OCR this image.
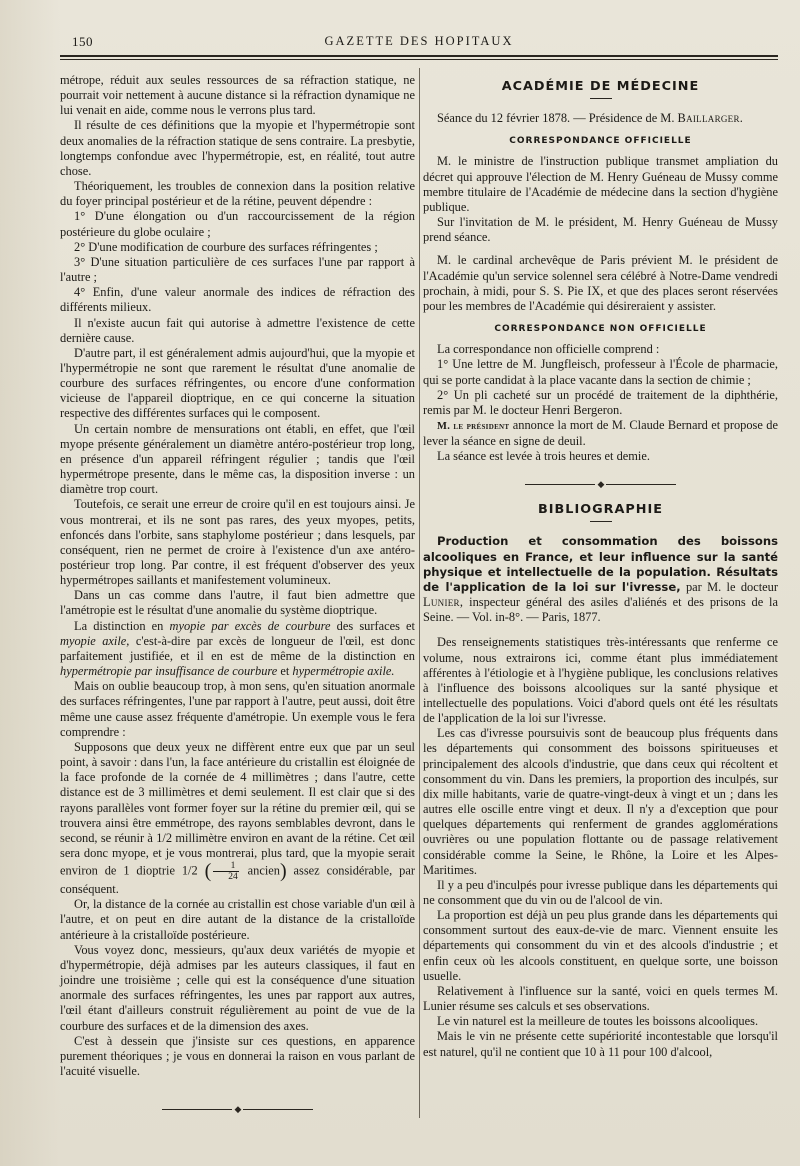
150	GAZETTE DES HOPITAUX

métrope, réduit aux seules ressources de sa réfraction statique, ne pourrait voir nettement à aucune distance si la réfraction dynamique ne lui venait en aide, comme nous le verrons plus tard.

Il résulte de ces définitions que la myopie et l'hypermétropie sont deux anomalies de la réfraction statique de sens contraire. La presbytie, longtemps confondue avec l'hypermétropie, est, en réalité, tout autre chose.

Théoriquement, les troubles de connexion dans la position relative du foyer principal postérieur et de la rétine, peuvent dépendre :

1° D'une élongation ou d'un raccourcissement de la région postérieure du globe oculaire ;

2° D'une modification de courbure des surfaces réfringentes ;

3° D'une situation particulière de ces surfaces l'une par rapport à l'autre ;

4° Enfin, d'une valeur anormale des indices de réfraction des différents milieux.

Il n'existe aucun fait qui autorise à admettre l'existence de cette dernière cause.

D'autre part, il est généralement admis aujourd'hui, que la myopie et l'hypermétropie ne sont que rarement le résultat d'une anomalie de courbure des surfaces réfringentes, ou encore d'une conformation vicieuse de l'appareil dioptrique, en ce qui concerne la situation respective des différentes surfaces qui le composent.

Un certain nombre de mensurations ont établi, en effet, que l'œil myope présente généralement un diamètre antéro-postérieur trop long, en présence d'un appareil réfringent régulier ; tandis que l'œil hypermétrope presente, dans le même cas, la disposition inverse : un diamètre trop court.

Toutefois, ce serait une erreur de croire qu'il en est toujours ainsi. Je vous montrerai, et ils ne sont pas rares, des yeux myopes, petits, enfoncés dans l'orbite, sans staphylome postérieur ; dans lesquels, par conséquent, rien ne permet de croire à l'existence d'un axe antéro-postérieur trop long. Par contre, il est fréquent d'observer des yeux hypermétropes saillants et manifestement volumineux.

Dans un cas comme dans l'autre, il faut bien admettre que l'amétropie est le résultat d'une anomalie du système dioptrique.

La distinction en myopie par excès de courbure des surfaces et myopie axile, c'est-à-dire par excès de longueur de l'œil, est donc parfaitement justifiée, et il en est de même de la distinction en hypermétropie par insuffisance de courbure et hypermétropie axile.

Mais on oublie beaucoup trop, à mon sens, qu'en situation anormale des surfaces réfringentes, l'une par rapport à l'autre, peut aussi, doit être même une cause assez fréquente d'amétropie. Un exemple vous le fera comprendre :

Supposons que deux yeux ne diffèrent entre eux que par un seul point, à savoir : dans l'un, la face antérieure du cristallin est éloignée de la face profonde de la cornée de 4 millimètres ; dans l'autre, cette distance est de 3 millimètres et demi seulement. Il est clair que si des rayons parallèles vont former foyer sur la rétine du premier œil, qui se trouvera ainsi être emmétrope, des rayons semblables devront, dans le second, se réunir à 1/2 millimètre environ en avant de la rétine. Cet œil sera donc myope, et je vous montrerai, plus tard, que la myopie serait environ de 1 dioptrie 1/2 ( $\frac{1}{24}$ ancien) assez considérable, par conséquent.

Or, la distance de la cornée au cristallin est chose variable d'un œil à l'autre, et on peut en dire autant de la distance de la cristalloïde antérieure à la cristalloïde postérieure.

Vous voyez donc, messieurs, qu'aux deux variétés de myopie et d'hypermétropie, déjà admises par les auteurs classiques, il faut en joindre une troisième ; celle qui est la conséquence d'une situation anormale des surfaces réfringentes, les unes par rapport aux autres, l'œil étant d'ailleurs construit régulièrement au point de vue de la courbure des surfaces et de la dimension des axes.

C'est à dessein que j'insiste sur ces questions, en apparence purement théoriques ; je vous en donnerai la raison en vous parlant de l'acuité visuelle.

◆
ACADÉMIE DE MÉDECINE

Séance du 12 février 1878. — Présidence de M. Baillarger.

CORRESPONDANCE OFFICIELLE

M. le ministre de l'instruction publique transmet ampliation du décret qui approuve l'élection de M. Henry Guéneau de Mussy comme membre titulaire de l'Académie de médecine dans la section d'hygiène publique.

Sur l'invitation de M. le président, M. Henry Guéneau de Mussy prend séance.

M. le cardinal archevêque de Paris prévient M. le président de l'Académie qu'un service solennel sera célébré à Notre-Dame vendredi prochain, à midi, pour S. S. Pie IX, et que des places seront réservées pour les membres de l'Académie qui désireraient y assister.

CORRESPONDANCE NON OFFICIELLE

La correspondance non officielle comprend :

1° Une lettre de M. Jungfleisch, professeur à l'École de pharmacie, qui se porte candidat à la place vacante dans la section de chimie ;

2° Un pli cacheté sur un procédé de traitement de la diphthérie, remis par M. le docteur Henri Bergeron.

M. le président annonce la mort de M. Claude Bernard et propose de lever la séance en signe de deuil.

La séance est levée à trois heures et demie.

◆
BIBLIOGRAPHIE

Production et consommation des boissons alcooliques en France, et leur influence sur la santé physique et intellectuelle de la population. Résultats de l'application de la loi sur l'ivresse, par M. le docteur Lunier, inspecteur général des asiles d'aliénés et des prisons de la Seine. — Vol. in-8°. — Paris, 1877.

Des renseignements statistiques très-intéressants que renferme ce volume, nous extrairons ici, comme étant plus immédiatement afférentes à l'étiologie et à l'hygiène publique, les conclusions relatives à l'influence des boissons alcooliques sur la santé physique et intellectuelle des populations. Voici d'abord quels ont été les résultats de l'application de la loi sur l'ivresse.

Les cas d'ivresse poursuivis sont de beaucoup plus fréquents dans les départements qui consomment des boissons spiritueuses et principalement des alcools d'industrie, que dans ceux qui récoltent et consomment du vin. Dans les premiers, la proportion des inculpés, sur dix mille habitants, varie de quatre-vingt-deux à vingt et un ; dans les autres elle oscille entre vingt et deux. Il n'y a d'exception que pour quelques départements qui renferment de grandes agglomérations ouvrières ou une population flottante ou de passage relativement considérable comme la Seine, le Rhône, la Loire et les Alpes-Maritimes.

Il y a peu d'inculpés pour ivresse publique dans les départements qui ne consomment que du vin ou de l'alcool de vin.

La proportion est déjà un peu plus grande dans les départements qui consomment surtout des eaux-de-vie de marc. Viennent ensuite les départements qui consomment du vin et des alcools d'industrie ; et enfin ceux où les alcools constituent, en quelque sorte, une boisson usuelle.

Relativement à l'influence sur la santé, voici en quels termes M. Lunier résume ses calculs et ses observations.

Le vin naturel est la meilleure de toutes les boissons alcooliques.

Mais le vin ne présente cette supériorité incontestable que lorsqu'il est naturel, qu'il ne contient que 10 à 11 pour 100 d'alcool,
